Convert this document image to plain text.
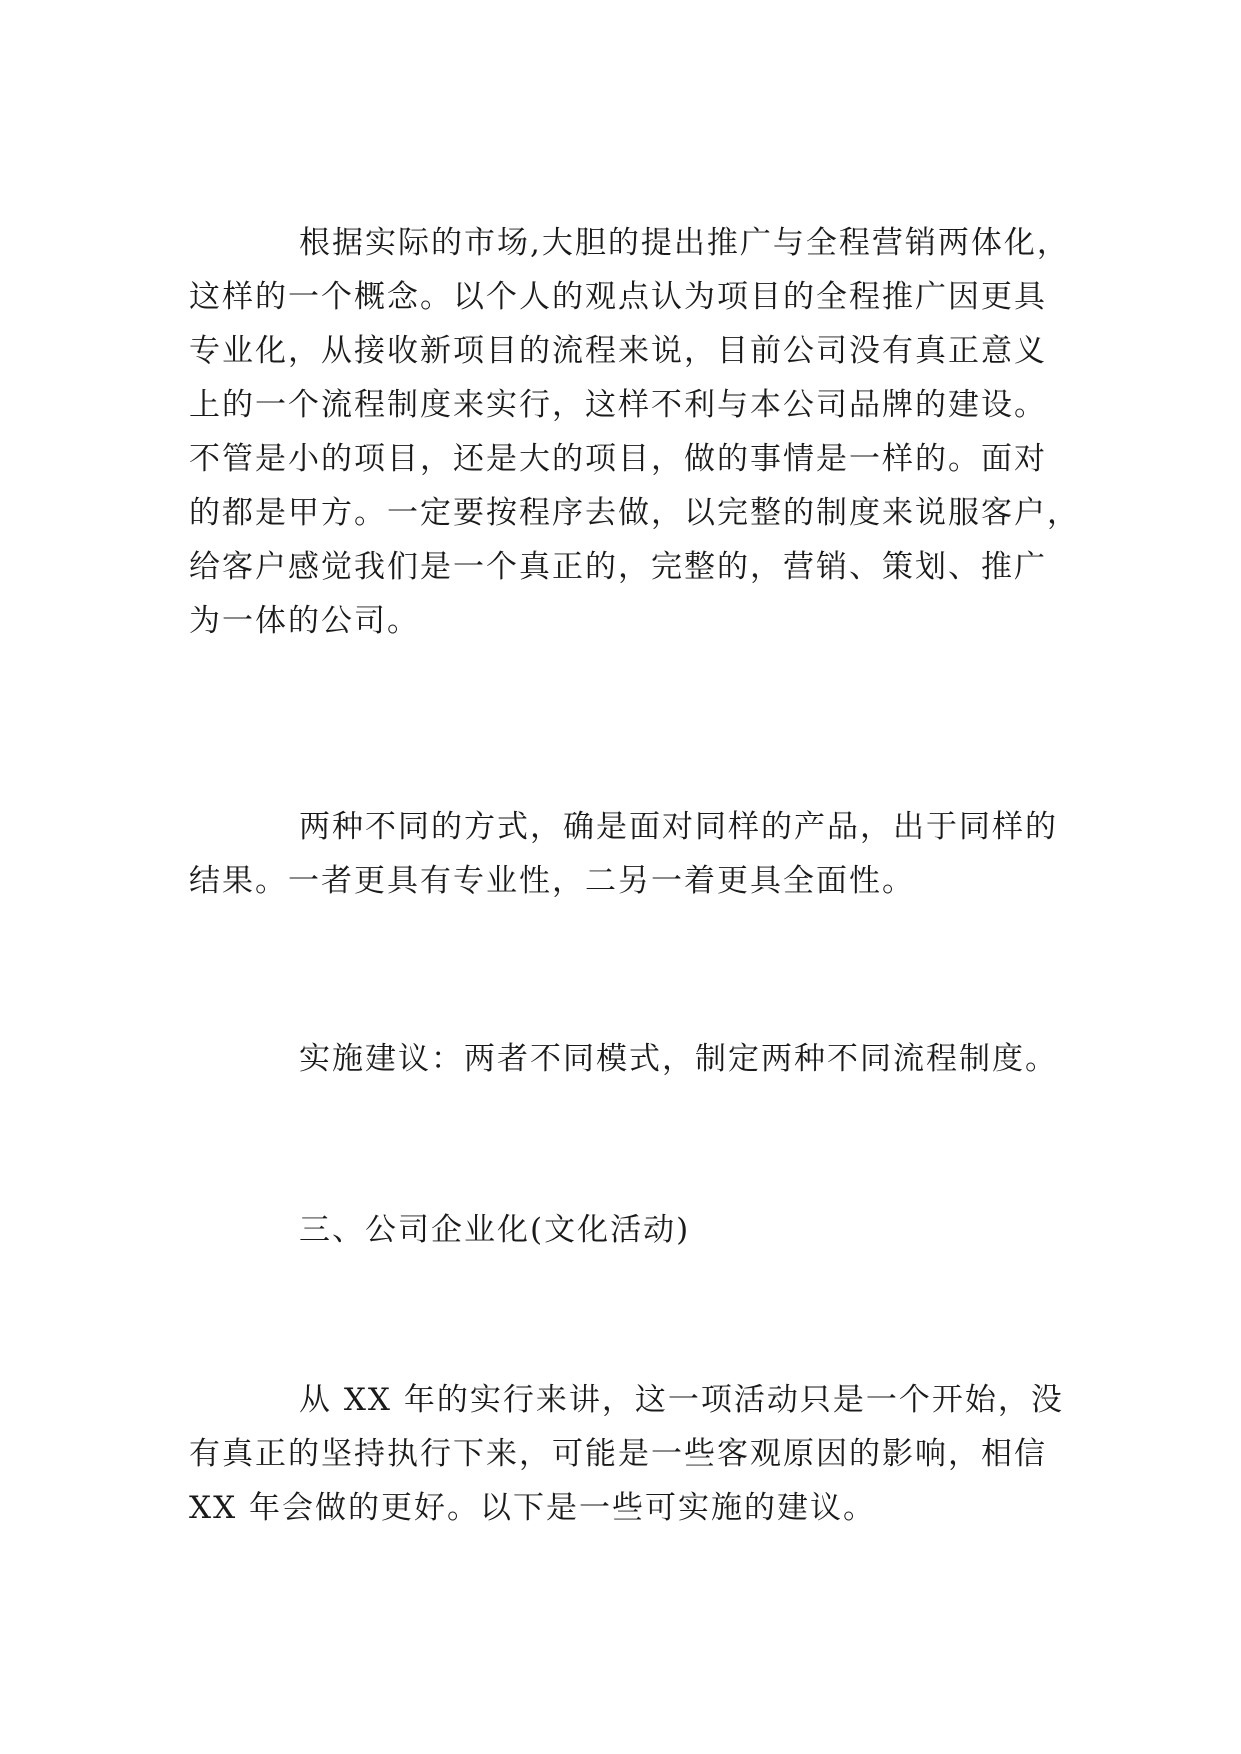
根据实际的市场,大胆的提出推广与全程营销两体化，
这样的一个概念。以个人的观点认为项目的全程推广因更具
专业化，从接收新项目的流程来说，目前公司没有真正意义
上的一个流程制度来实行，这样不利与本公司品牌的建设。
不管是小的项目，还是大的项目，做的事情是一样的。面对
的都是甲方。一定要按程序去做，以完整的制度来说服客户，
给客户感觉我们是一个真正的，完整的，营销、策划、推广
为一体的公司。
两种不同的方式，确是面对同样的产品，出于同样的
结果。一者更具有专业性，二另一着更具全面性。
实施建议：两者不同模式，制定两种不同流程制度。
三、公司企业化(文化活动)
从 XX 年的实行来讲，这一项活动只是一个开始，没
有真正的坚持执行下来，可能是一些客观原因的影响，相信
XX 年会做的更好。以下是一些可实施的建议。
